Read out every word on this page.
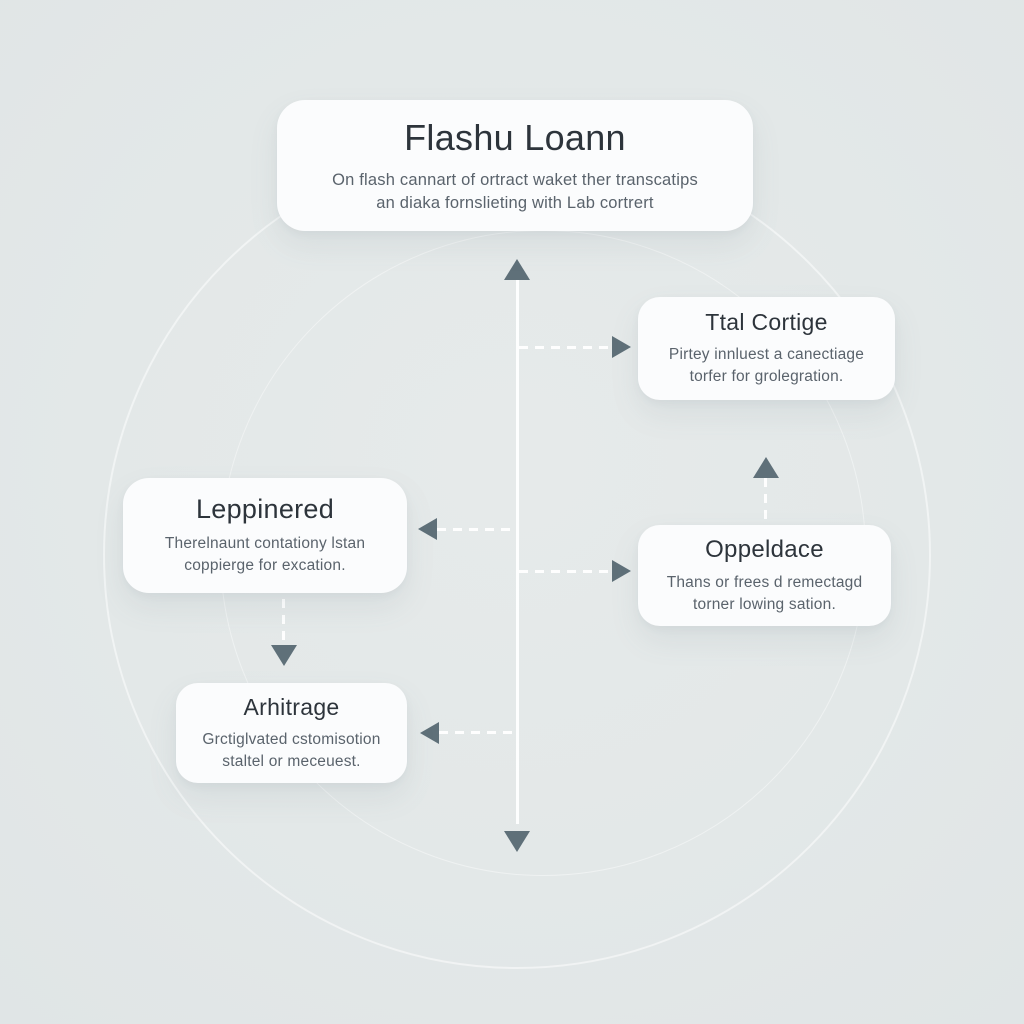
Flashu Loann

On flash cannart of ortract waket ther transcatips
an diaka fornslieting with Lab cortrert

Ttal Cortige

Pirtey innluest a canectiage
torfer for grolegration.

Leppinered

Therelnaunt contationy lstan
coppierge for excation.

Oppeldace

Thans or frees d remectagd
torner lowing sation.

Arhitrage

Grctiglvated cstomisotion
staltel or meceuest.
